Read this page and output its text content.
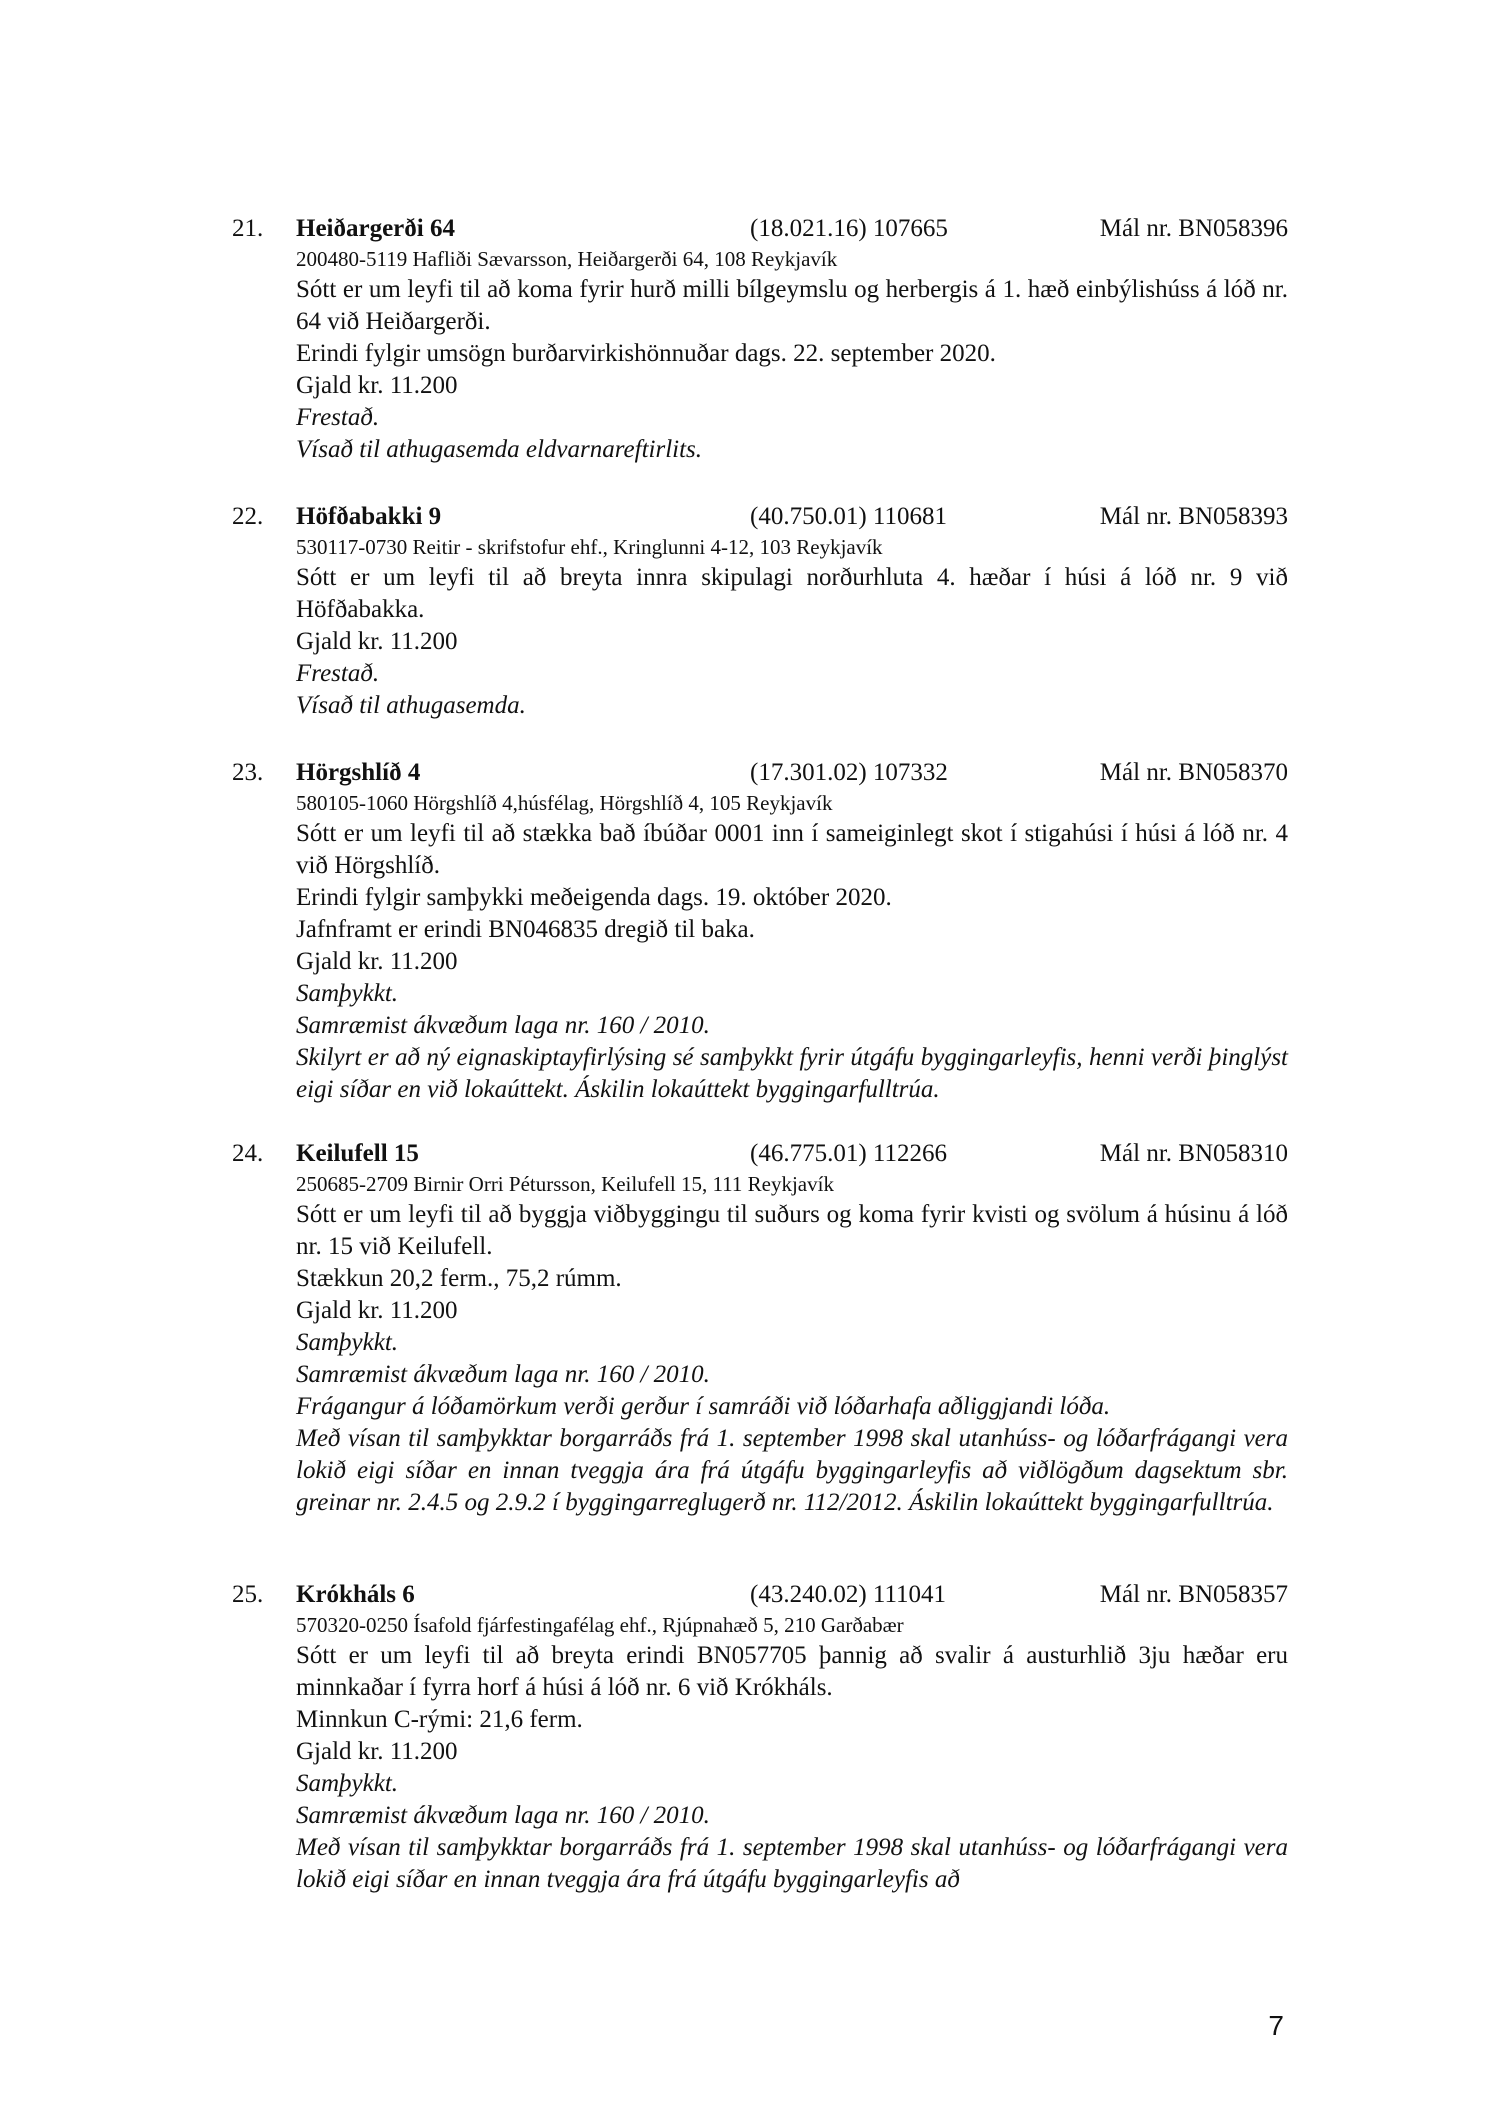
21. Heiðargerði 64	(18.021.16) 107665	Mál nr. BN058396
200480-5119 Hafliði Sævarsson, Heiðargerði 64, 108 Reykjavík

Sótt er um leyfi til að koma fyrir hurð milli bílgeymslu og herbergis á 1. hæð einbýlishúss á lóð nr. 64 við Heiðargerði.

Erindi fylgir umsögn burðarvirkishönnuðar dags. 22. september 2020.

Gjald kr. 11.200

Frestað.

Vísað til athugasemda eldvarnareftirlits.

22. Höfðabakki 9	(40.750.01) 110681	Mál nr. BN058393
530117-0730 Reitir - skrifstofur ehf., Kringlunni 4-12, 103 Reykjavík

Sótt er um leyfi til að breyta innra skipulagi norðurhluta 4. hæðar í húsi á lóð nr. 9 við Höfðabakka.

Gjald kr. 11.200

Frestað.

Vísað til athugasemda.

23. Hörgshlíð 4	(17.301.02) 107332	Mál nr. BN058370
580105-1060 Hörgshlíð 4,húsfélag, Hörgshlíð 4, 105 Reykjavík

Sótt er um leyfi til að stækka bað íbúðar 0001 inn í sameiginlegt skot í stigahúsi í húsi á lóð nr. 4 við Hörgshlíð.

Erindi fylgir samþykki meðeigenda dags. 19. október 2020.

Jafnframt er erindi BN046835 dregið til baka.

Gjald kr. 11.200

Samþykkt.

Samræmist ákvæðum laga nr. 160 / 2010.

Skilyrt er að ný eignaskiptayfirlýsing sé samþykkt fyrir útgáfu byggingarleyfis, henni verði þinglýst eigi síðar en við lokaúttekt. Áskilin lokaúttekt byggingarfulltrúa.

24. Keilufell 15	(46.775.01) 112266	Mál nr. BN058310
250685-2709 Birnir Orri Pétursson, Keilufell 15, 111 Reykjavík

Sótt er um leyfi til að byggja viðbyggingu til suðurs og koma fyrir kvisti og svölum á húsinu á lóð nr. 15 við Keilufell.

Stækkun 20,2 ferm., 75,2 rúmm.

Gjald kr. 11.200

Samþykkt.

Samræmist ákvæðum laga nr. 160 / 2010.

Frágangur á lóðamörkum verði gerður í samráði við lóðarhafa aðliggjandi lóða.

Með vísan til samþykktar borgarráðs frá 1. september 1998 skal utanhúss- og lóðarfrágangi vera lokið eigi síðar en innan tveggja ára frá útgáfu byggingarleyfis að viðlögðum dagsektum sbr. greinar nr. 2.4.5 og 2.9.2 í byggingarreglugerð nr. 112/2012. Áskilin lokaúttekt byggingarfulltrúa.

25. Krókháls 6	(43.240.02) 111041	Mál nr. BN058357
570320-0250 Ísafold fjárfestingafélag ehf., Rjúpnahæð 5, 210 Garðabær

Sótt er um leyfi til að breyta erindi BN057705 þannig að svalir á austurhlið 3ju hæðar eru minnkaðar í fyrra horf á húsi á lóð nr. 6 við Krókháls.

Minnkun C-rými: 21,6 ferm.

Gjald kr. 11.200

Samþykkt.

Samræmist ákvæðum laga nr. 160 / 2010.

Með vísan til samþykktar borgarráðs frá 1. september 1998 skal utanhúss- og lóðarfrágangi vera lokið eigi síðar en innan tveggja ára frá útgáfu byggingarleyfis að

7
